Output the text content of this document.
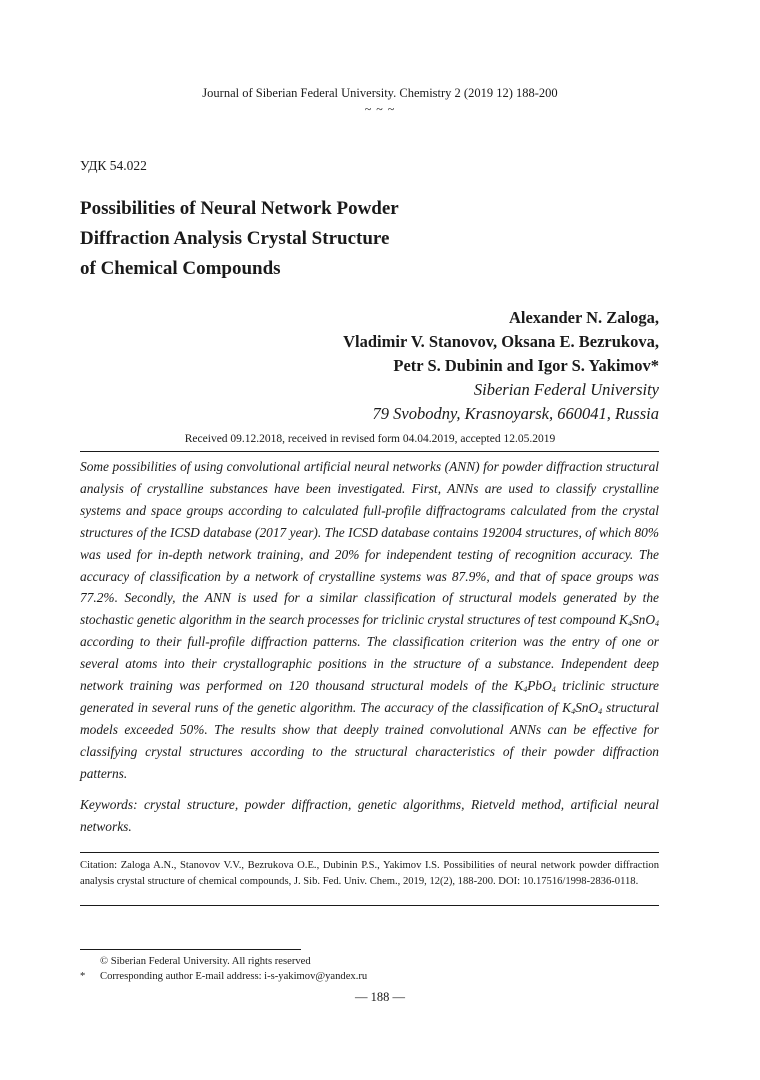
Journal of Siberian Federal University. Chemistry 2 (2019 12) 188-200
~ ~ ~
УДК 54.022
Possibilities of Neural Network Powder
Diffraction Analysis Crystal Structure
of Chemical Compounds
Alexander N. Zaloga,
Vladimir V. Stanovov, Oksana E. Bezrukova,
Petr S. Dubinin and Igor S. Yakimov*
Siberian Federal University
79 Svobodny, Krasnoyarsk, 660041, Russia
Received 09.12.2018, received in revised form 04.04.2019, accepted 12.05.2019

Some possibilities of using convolutional artificial neural networks (ANN) for powder diffraction structural analysis of crystalline substances have been investigated. First, ANNs are used to classify crystalline systems and space groups according to calculated full-profile diffractograms calculated from the crystal structures of the ICSD database (2017 year). The ICSD database contains 192004 structures, of which 80% was used for in-depth network training, and 20% for independent testing of recognition accuracy. The accuracy of classification by a network of crystalline systems was 87.9%, and that of space groups was 77.2%. Secondly, the ANN is used for a similar classification of structural models generated by the stochastic genetic algorithm in the search processes for triclinic crystal structures of test compound $K_4SnO_4$ according to their full-profile diffraction patterns. The classification criterion was the entry of one or several atoms into their crystallographic positions in the structure of a substance. Independent deep network training was performed on 120 thousand structural models of the $K_4PbO_4$ triclinic structure generated in several runs of the genetic algorithm. The accuracy of the classification of $K_4SnO_4$ structural models exceeded 50%. The results show that deeply trained convolutional ANNs can be effective for classifying crystal structures according to the structural characteristics of their powder diffraction patterns.

Keywords: crystal structure, powder diffraction, genetic algorithms, Rietveld method, artificial neural networks.

Citation: Zaloga A.N., Stanovov V.V., Bezrukova O.E., Dubinin P.S., Yakimov I.S. Possibilities of neural network powder diffraction analysis crystal structure of chemical compounds, J. Sib. Fed. Univ. Chem., 2019, 12(2), 188-200. DOI: 10.17516/1998-2836-0118.

© Siberian Federal University. All rights reserved
*	Corresponding author E-mail address: i-s-yakimov@yandex.ru
— 188 —
